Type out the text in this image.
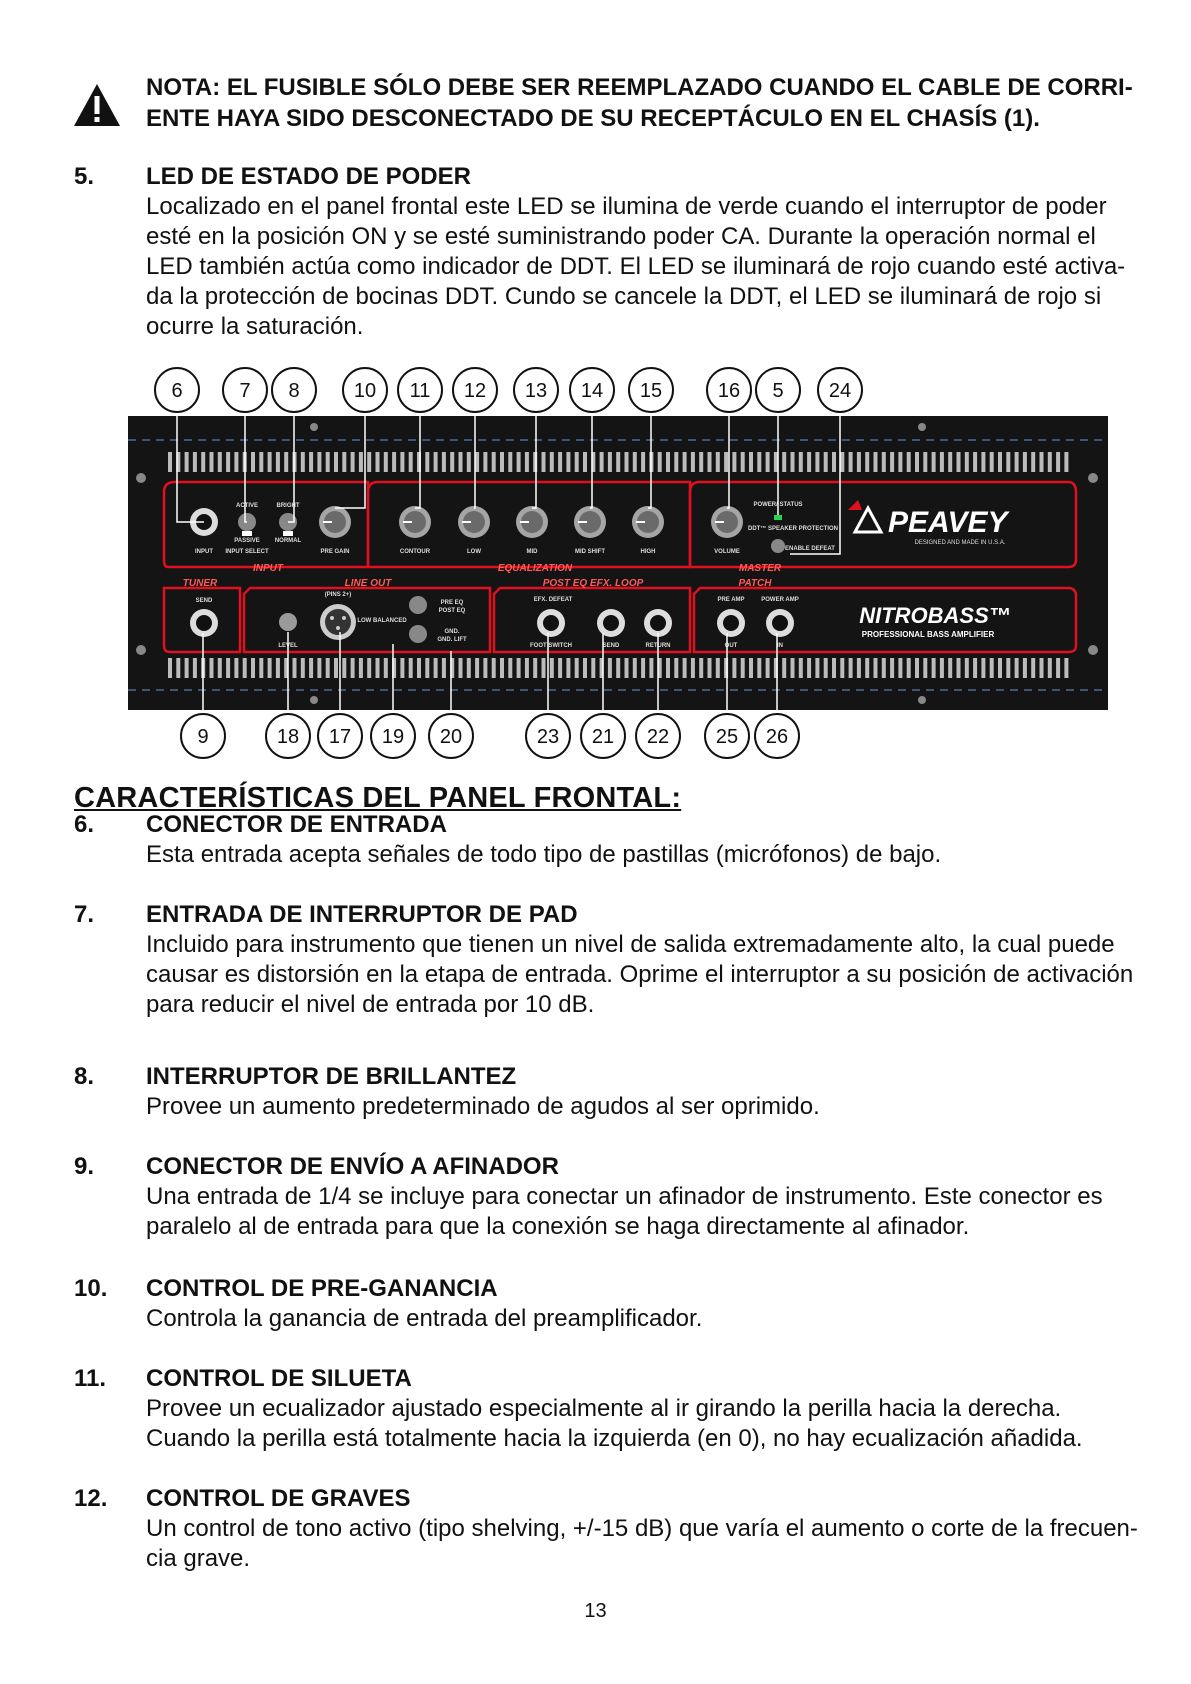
NOTA: EL FUSIBLE SÓLO DEBE SER REEMPLAZADO CUANDO EL CABLE DE CORRI-
ENTE HAYA SIDO DESCONECTADO DE SU RECEPTÁCULO EN EL CHASÍS (1).
5. LED DE ESTADO DE PODER
Localizado en el panel frontal este LED se ilumina de verde cuando el interruptor de poder
esté en la posición ON y se esté suministrando poder CA. Durante la operación normal el
LED también actúa como indicador de DDT. El LED se iluminará de rojo cuando esté activa-
da la protección de bocinas DDT. Cundo se cancele la DDT, el LED se iluminará de rojo si
ocurre la saturación.
INPUT	EQUALIZATION	MASTER
TUNER	LINE OUT	POST EQ EFX. LOOP	PATCH
INPUT
ACTIVE
PASSIVE
INPUT SELECT
BRIGHT
NORMAL
PRE GAIN	CONTOUR	LOW	MID	MID SHIFT	HIGH	VOLUME
POWER/ STATUS
DDT™ SPEAKER PROTECTION
ENABLE DEFEAT
PEAVEY
DESIGNED AND MADE IN U.S.A.
NITROBASS™
PROFESSIONAL BASS AMPLIFIER
SEND
(PINS 2+)
LEVEL
LOW BALANCED
PRE EQ
POST EQ
GND.
GND. LIFT
EFX. DEFEAT
FOOT SWITCH	SEND	RETURN
PRE AMP	POWER AMP
OUT	IN
6	7 8	10 11 12 13 14 15	16 5 24
9	18 17 19 20	23 21 22 25 26
CARACTERÍSTICAS DEL PANEL FRONTAL:
6. CONECTOR DE ENTRADA
Esta entrada acepta señales de todo tipo de pastillas (micrófonos) de bajo.
7. ENTRADA DE INTERRUPTOR DE PAD
Incluido para instrumento que tienen un nivel de salida extremadamente alto, la cual puede
causar es distorsión en la etapa de entrada. Oprime el interruptor a su posición de activación
para reducir el nivel de entrada por 10 dB.
8. INTERRUPTOR DE BRILLANTEZ
Provee un aumento predeterminado de agudos al ser oprimido.
9. CONECTOR DE ENVÍO A AFINADOR
Una entrada de 1/4 se incluye para conectar un afinador de instrumento. Este conector es
paralelo al de entrada para que la conexión se haga directamente al afinador.
10. CONTROL DE PRE-GANANCIA
Controla la ganancia de entrada del preamplificador.
11. CONTROL DE SILUETA
Provee un ecualizador ajustado especialmente al ir girando la perilla hacia la derecha.
Cuando la perilla está totalmente hacia la izquierda (en 0), no hay ecualización añadida.
12. CONTROL DE GRAVES
Un control de tono activo (tipo shelving, +/-15 dB) que varía el aumento o corte de la frecuen-
cia grave.
13
